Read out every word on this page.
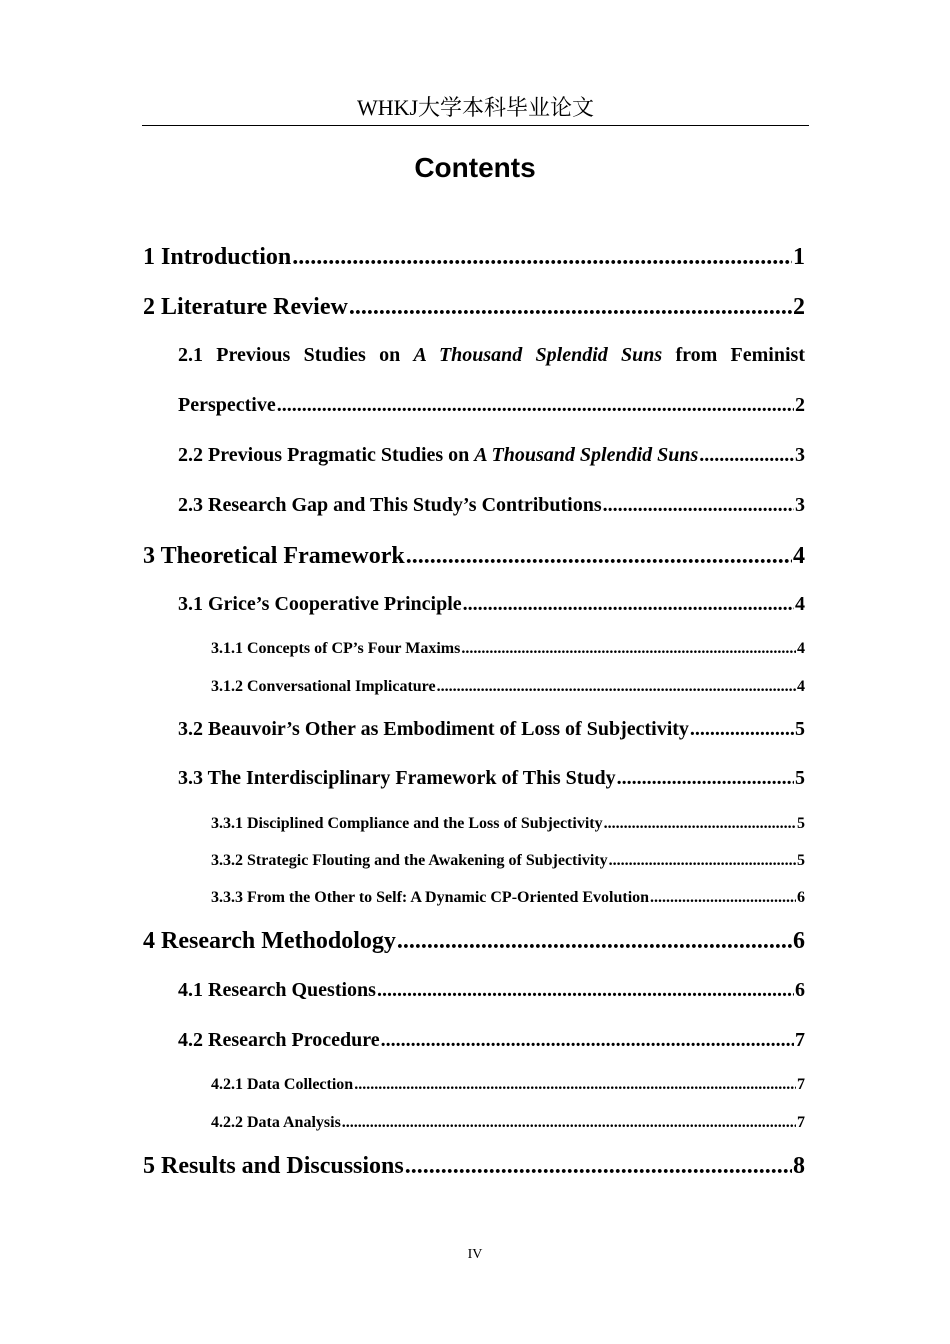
WHKJ大学本科毕业论文
Contents
1 Introduction .....	1
2 Literature Review .....	2
2.1 Previous Studies on A Thousand Splendid Suns from Feminist
Perspective .....	2
2.2 Previous Pragmatic Studies on A Thousand Splendid Suns .....	3
2.3 Research Gap and This Study’s Contributions .....	3
3 Theoretical Framework .....	4
3.1 Grice’s Cooperative Principle .....	4
3.1.1 Concepts of CP’s Four Maxims .....	4
3.1.2 Conversational Implicature .....	4
3.2 Beauvoir’s Other as Embodiment of Loss of Subjectivity .....	5
3.3 The Interdisciplinary Framework of This Study .....	5
3.3.1 Disciplined Compliance and the Loss of Subjectivity .....	5
3.3.2 Strategic Flouting and the Awakening of Subjectivity .....	5
3.3.3 From the Other to Self: A Dynamic CP-Oriented Evolution .....	6
4 Research Methodology .....	6
4.1 Research Questions .....	6
4.2 Research Procedure .....	7
4.2.1 Data Collection .....	7
4.2.2 Data Analysis .....	7
5 Results and Discussions .....	8
IV
